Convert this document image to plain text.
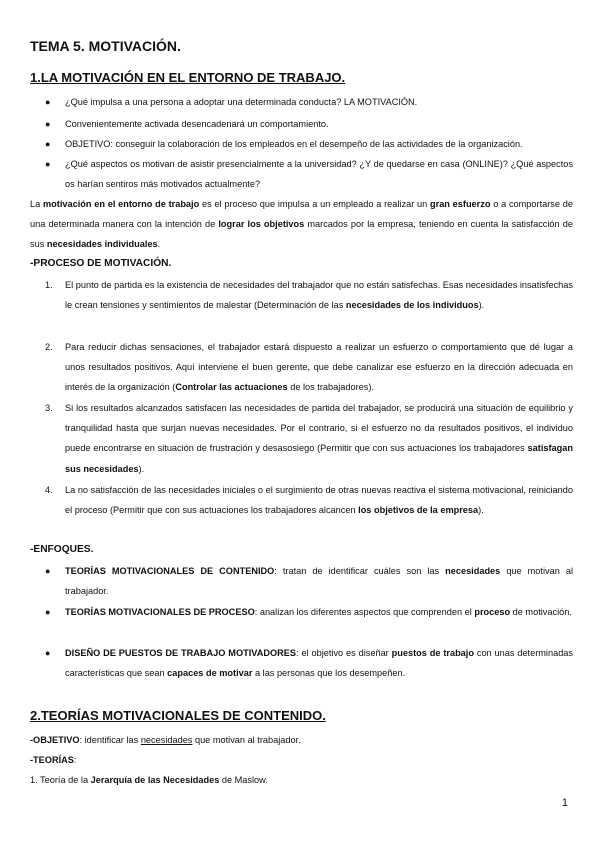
TEMA 5. MOTIVACIÓN.
1.LA MOTIVACIÓN EN EL ENTORNO DE TRABAJO.
● ¿Qué impulsa a una persona a adoptar una determinada conducta? LA MOTIVACIÓN.
● Convenientemente activada desencadenará un comportamiento.
● OBJETIVO: conseguir la colaboración de los empleados en el desempeño de las actividades de la organización.
● ¿Qué aspectos os motivan de asistir presencialmente a la universidad? ¿Y de quedarse en casa (ONLINE)? ¿Qué aspectos os harían sentiros más motivados actualmente?

La motivación en el entorno de trabajo es el proceso que impulsa a un empleado a realizar un gran esfuerzo o a comportarse de una determinada manera con la intención de lograr los objetivos marcados por la empresa, teniendo en cuenta la satisfacción de sus necesidades individuales.

-PROCESO DE MOTIVACIÓN.
1. El punto de partida es la existencia de necesidades del trabajador que no están satisfechas. Esas necesidades insatisfechas le crean tensiones y sentimientos de malestar (Determinación de las necesidades de los individuos).
2. Para reducir dichas sensaciones, el trabajador estará dispuesto a realizar un esfuerzo o comportamiento que dé lugar a unos resultados positivos. Aquí interviene el buen gerente, que debe canalizar ese esfuerzo en la dirección adecuada en interés de la organización (Controlar las actuaciones de los trabajadores).
3. Si los resultados alcanzados satisfacen las necesidades de partida del trabajador, se producirá una situación de equilibrio y tranquilidad hasta que surjan nuevas necesidades. Por el contrario, si el esfuerzo no da resultados positivos, el individuo puede encontrarse en situación de frustración y desasosiego (Permitir que con sus actuaciones los trabajadores satisfagan sus necesidades).
4. La no satisfacción de las necesidades iniciales o el surgimiento de otras nuevas reactiva el sistema motivacional, reiniciando el proceso (Permitir que con sus actuaciones los trabajadores alcancen los objetivos de la empresa).
-ENFOQUES.
● TEORÍAS MOTIVACIONALES DE CONTENIDO: tratan de identificar cuáles son las necesidades que motivan al trabajador.
● TEORÍAS MOTIVACIONALES DE PROCESO: analizan los diferentes aspectos que comprenden el proceso de motivación.
● DISEÑO DE PUESTOS DE TRABAJO MOTIVADORES: el objetivo es diseñar puestos de trabajo con unas determinadas características que sean capaces de motivar a las personas que los desempeñen.
2.TEORÍAS MOTIVACIONALES DE CONTENIDO.

-OBJETIVO: identificar las necesidades que motivan al trabajador.

-TEORÍAS:

1. Teoría de la Jerarquía de las Necesidades de Maslow.

1
